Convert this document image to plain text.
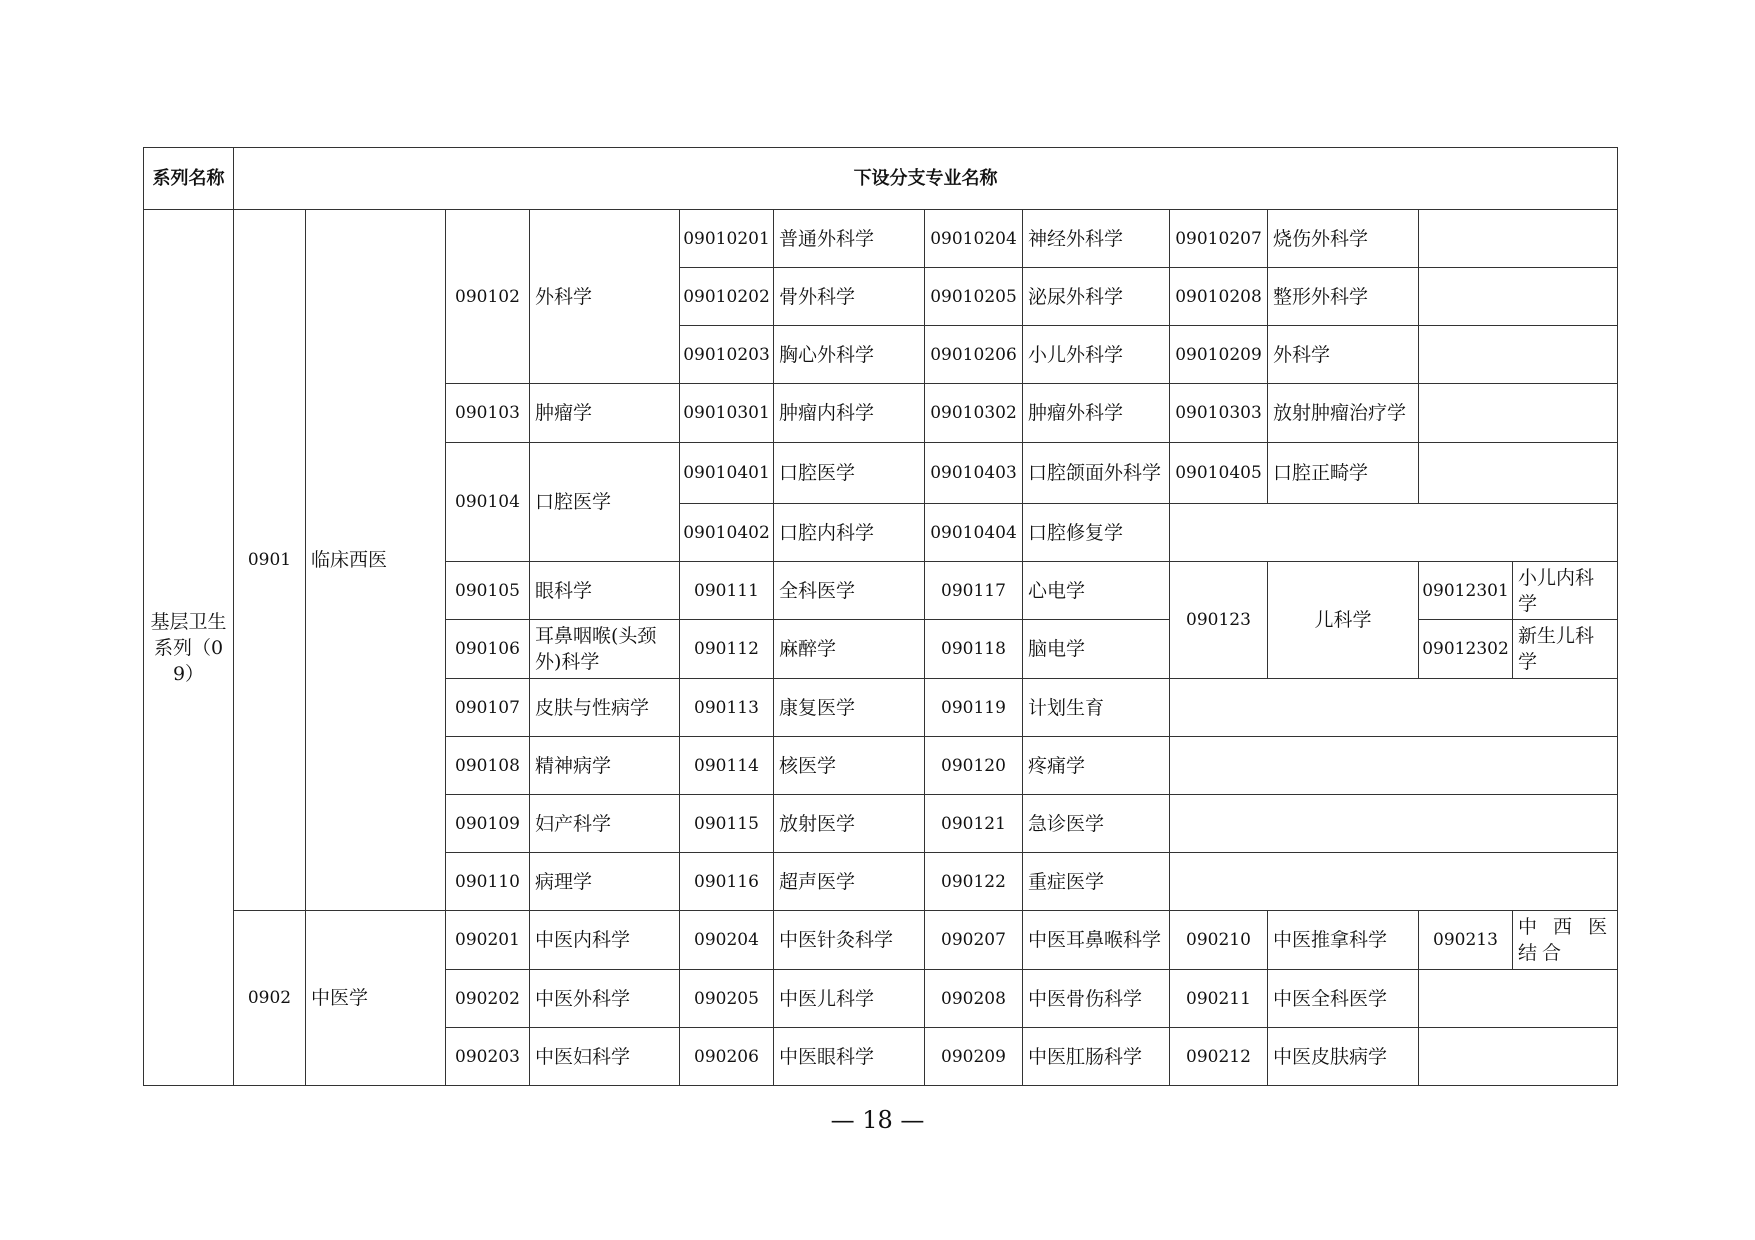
系列名称	下设分支专业名称											
基层卫生系列（09）	0901	临床西医	090102	外科学	09010201	普通外科学	09010204	神经外科学	09010207	烧伤外科学		
					09010202	骨外科学	09010205	泌尿外科学	09010208	整形外科学		
					09010203	胸心外科学	09010206	小儿外科学	09010209	外科学		
			090103	肿瘤学	09010301	肿瘤内科学	09010302	肿瘤外科学	09010303	放射肿瘤治疗学		
			090104	口腔医学	09010401	口腔医学	09010403	口腔颌面外科学	09010405	口腔正畸学		
					09010402	口腔内科学	09010404	口腔修复学				
			090105	眼科学	090111	全科医学	090117	心电学	090123	儿科学	09012301	小儿内科学
			090106	耳鼻咽喉(头颈外)科学	090112	麻醉学	090118	脑电学			09012302	新生儿科学
			090107	皮肤与性病学	090113	康复医学	090119	计划生育				
			090108	精神病学	090114	核医学	090120	疼痛学				
			090109	妇产科学	090115	放射医学	090121	急诊医学				
			090110	病理学	090116	超声医学	090122	重症医学				
	0902	中医学	090201	中医内科学	090204	中医针灸科学	090207	中医耳鼻喉科学	090210	中医推拿科学	090213	中西医结合
			090202	中医外科学	090205	中医儿科学	090208	中医骨伤科学	090211	中医全科医学		
			090203	中医妇科学	090206	中医眼科学	090209	中医肛肠科学	090212	中医皮肤病学		
— 18 —
